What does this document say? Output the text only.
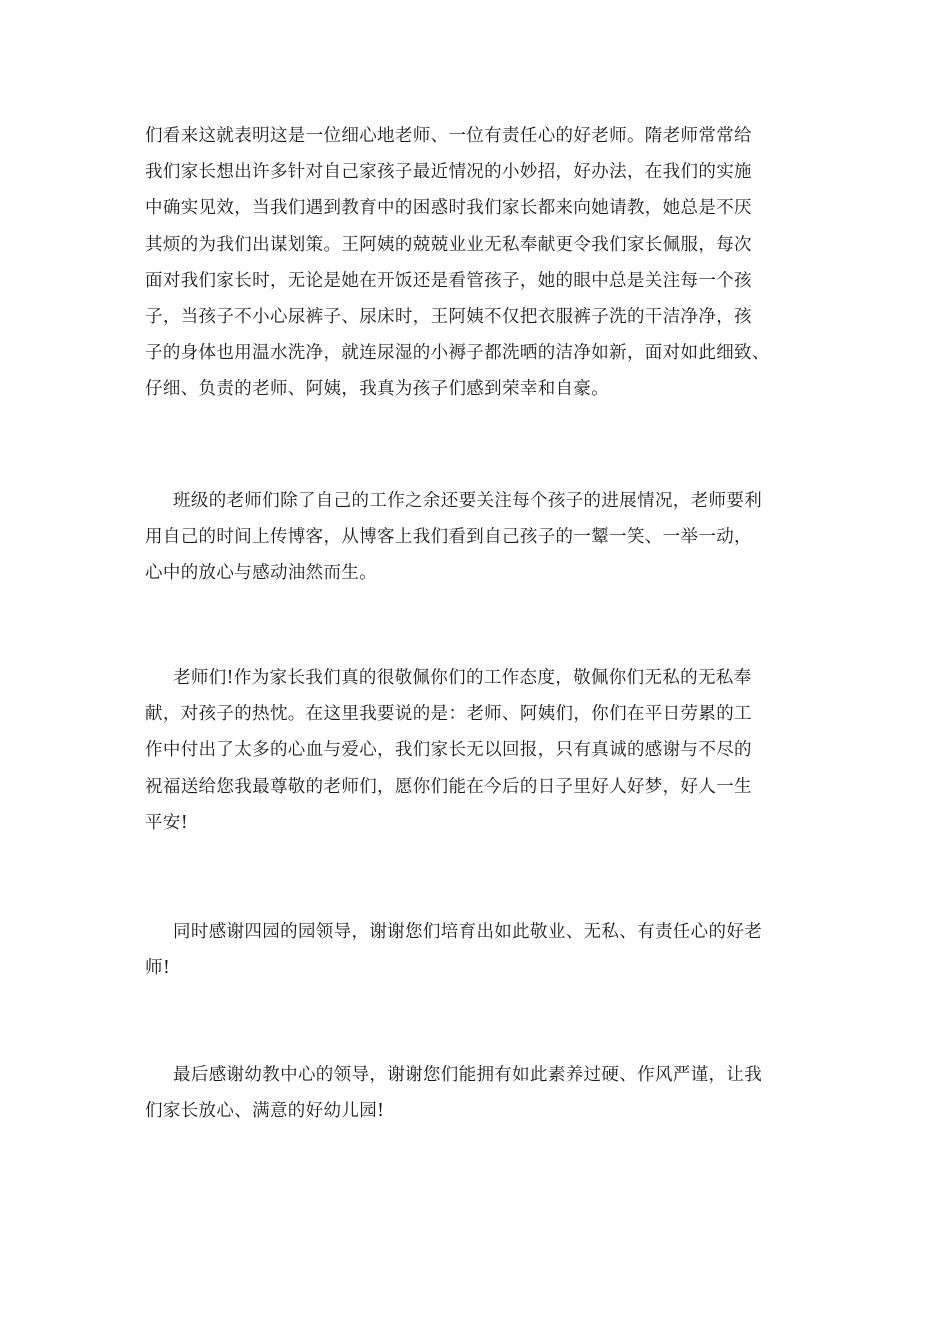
们看来这就表明这是一位细心地老师、一位有责任心的好老师。隋老师常常给
我们家长想出许多针对自己家孩子最近情况的小妙招，好办法，在我们的实施
中确实见效，当我们遇到教育中的困惑时我们家长都来向她请教，她总是不厌
其烦的为我们出谋划策。王阿姨的兢兢业业无私奉献更令我们家长佩服，每次
面对我们家长时，无论是她在开饭还是看管孩子，她的眼中总是关注每一个孩
子，当孩子不小心尿裤子、尿床时，王阿姨不仅把衣服裤子洗的干洁净净，孩
子的身体也用温水洗净，就连尿湿的小褥子都洗晒的洁净如新，面对如此细致、
仔细、负责的老师、阿姨，我真为孩子们感到荣幸和自豪。

班级的老师们除了自己的工作之余还要关注每个孩子的进展情况，老师要利
用自己的时间上传博客，从博客上我们看到自己孩子的一颦一笑、一举一动，
心中的放心与感动油然而生。

老师们!作为家长我们真的很敬佩你们的工作态度，敬佩你们无私的无私奉
献，对孩子的热忱。在这里我要说的是：老师、阿姨们，你们在平日劳累的工
作中付出了太多的心血与爱心，我们家长无以回报，只有真诚的感谢与不尽的
祝福送给您我最尊敬的老师们，愿你们能在今后的日子里好人好梦，好人一生
平安!

同时感谢四园的园领导，谢谢您们培育出如此敬业、无私、有责任心的好老
师!

最后感谢幼教中心的领导，谢谢您们能拥有如此素养过硬、作风严谨，让我
们家长放心、满意的好幼儿园!
